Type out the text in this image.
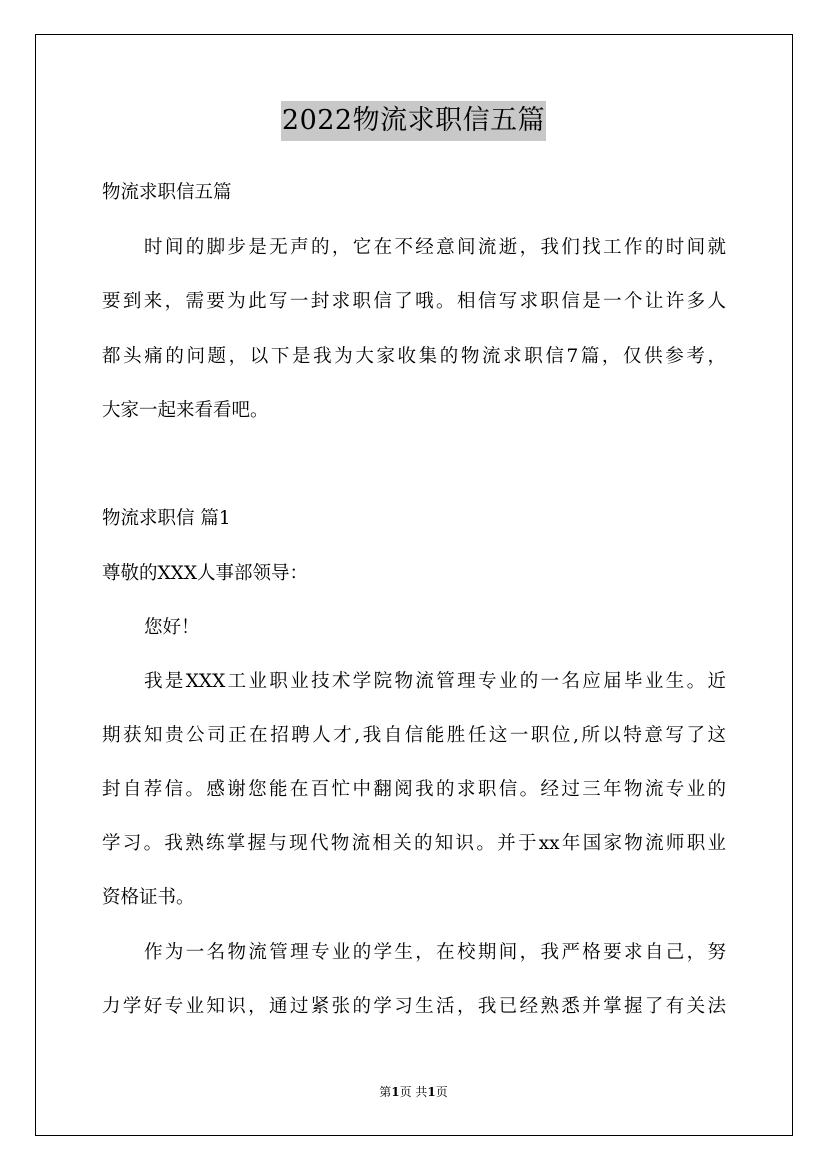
2022物流求职信五篇
物流求职信五篇
时间的脚步是无声的，它在不经意间流逝，我们找工作的时间就
要到来，需要为此写一封求职信了哦。相信写求职信是一个让许多人
都头痛的问题，以下是我为大家收集的物流求职信7篇，仅供参考，
大家一起来看看吧。
物流求职信 篇1
尊敬的XXX人事部领导：
您好！
我是XXX工业职业技术学院物流管理专业的一名应届毕业生。近
期获知贵公司正在招聘人才,我自信能胜任这一职位,所以特意写了这
封自荐信。感谢您能在百忙中翻阅我的求职信。经过三年物流专业的
学习。我熟练掌握与现代物流相关的知识。并于xx年国家物流师职业
资格证书。
作为一名物流管理专业的学生，在校期间，我严格要求自己，努
力学好专业知识，通过紧张的学习生活，我已经熟悉并掌握了有关法
第1页 共1页
